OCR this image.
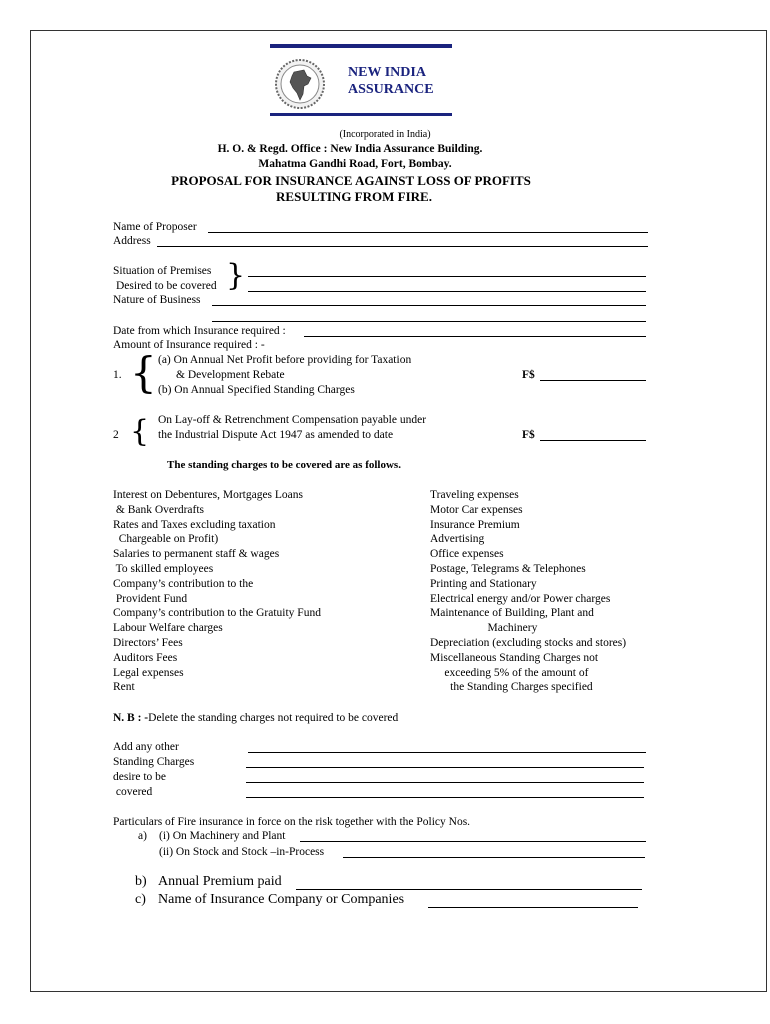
NEW INDIA
ASSURANCE
(Incorporated in India)
H. O. & Regd. Office : New India Assurance Building.
Mahatma Gandhi Road, Fort, Bombay.
PROPOSAL FOR INSURANCE AGAINST LOSS OF PROFITS
RESULTING FROM FIRE.
Name of Proposer
Address
Situation of Premises
Desired to be covered }
Nature of Business
Date from which Insurance required :
Amount of Insurance required : -
1. { (a) On Annual Net Profit before providing for Taxation
& Development Rebate
(b) On Annual Specified Standing Charges
F$
2 { On Lay-off & Retrenchment Compensation payable under
the Industrial Dispute Act 1947 as amended to date	F$
The standing charges to be covered are as follows.
Interest on Debentures, Mortgages Loans
& Bank Overdrafts
Rates and Taxes excluding taxation
Chargeable on Profit)
Salaries to permanent staff & wages
To skilled employees
Company’s contribution to the
Provident Fund
Company’s contribution to the Gratuity Fund
Labour Welfare charges
Directors’ Fees
Auditors Fees
Legal expenses
Rent
Traveling expenses
Motor Car expenses
Insurance Premium
Advertising
Office expenses
Postage, Telegrams & Telephones
Printing and Stationary
Electrical energy and/or Power charges
Maintenance of Building, Plant and
Machinery
Depreciation (excluding stocks and stores)
Miscellaneous Standing Charges not
exceeding 5% of the amount of
the Standing Charges specified
N. B : -Delete the standing charges not required to be covered
Add any other
Standing Charges
desire to be
covered
Particulars of Fire insurance in force on the risk together with the Policy Nos.
a) (i) On Machinery and Plant
(ii) On Stock and Stock –in-Process
b) Annual Premium paid
c) Name of Insurance Company or Companies
